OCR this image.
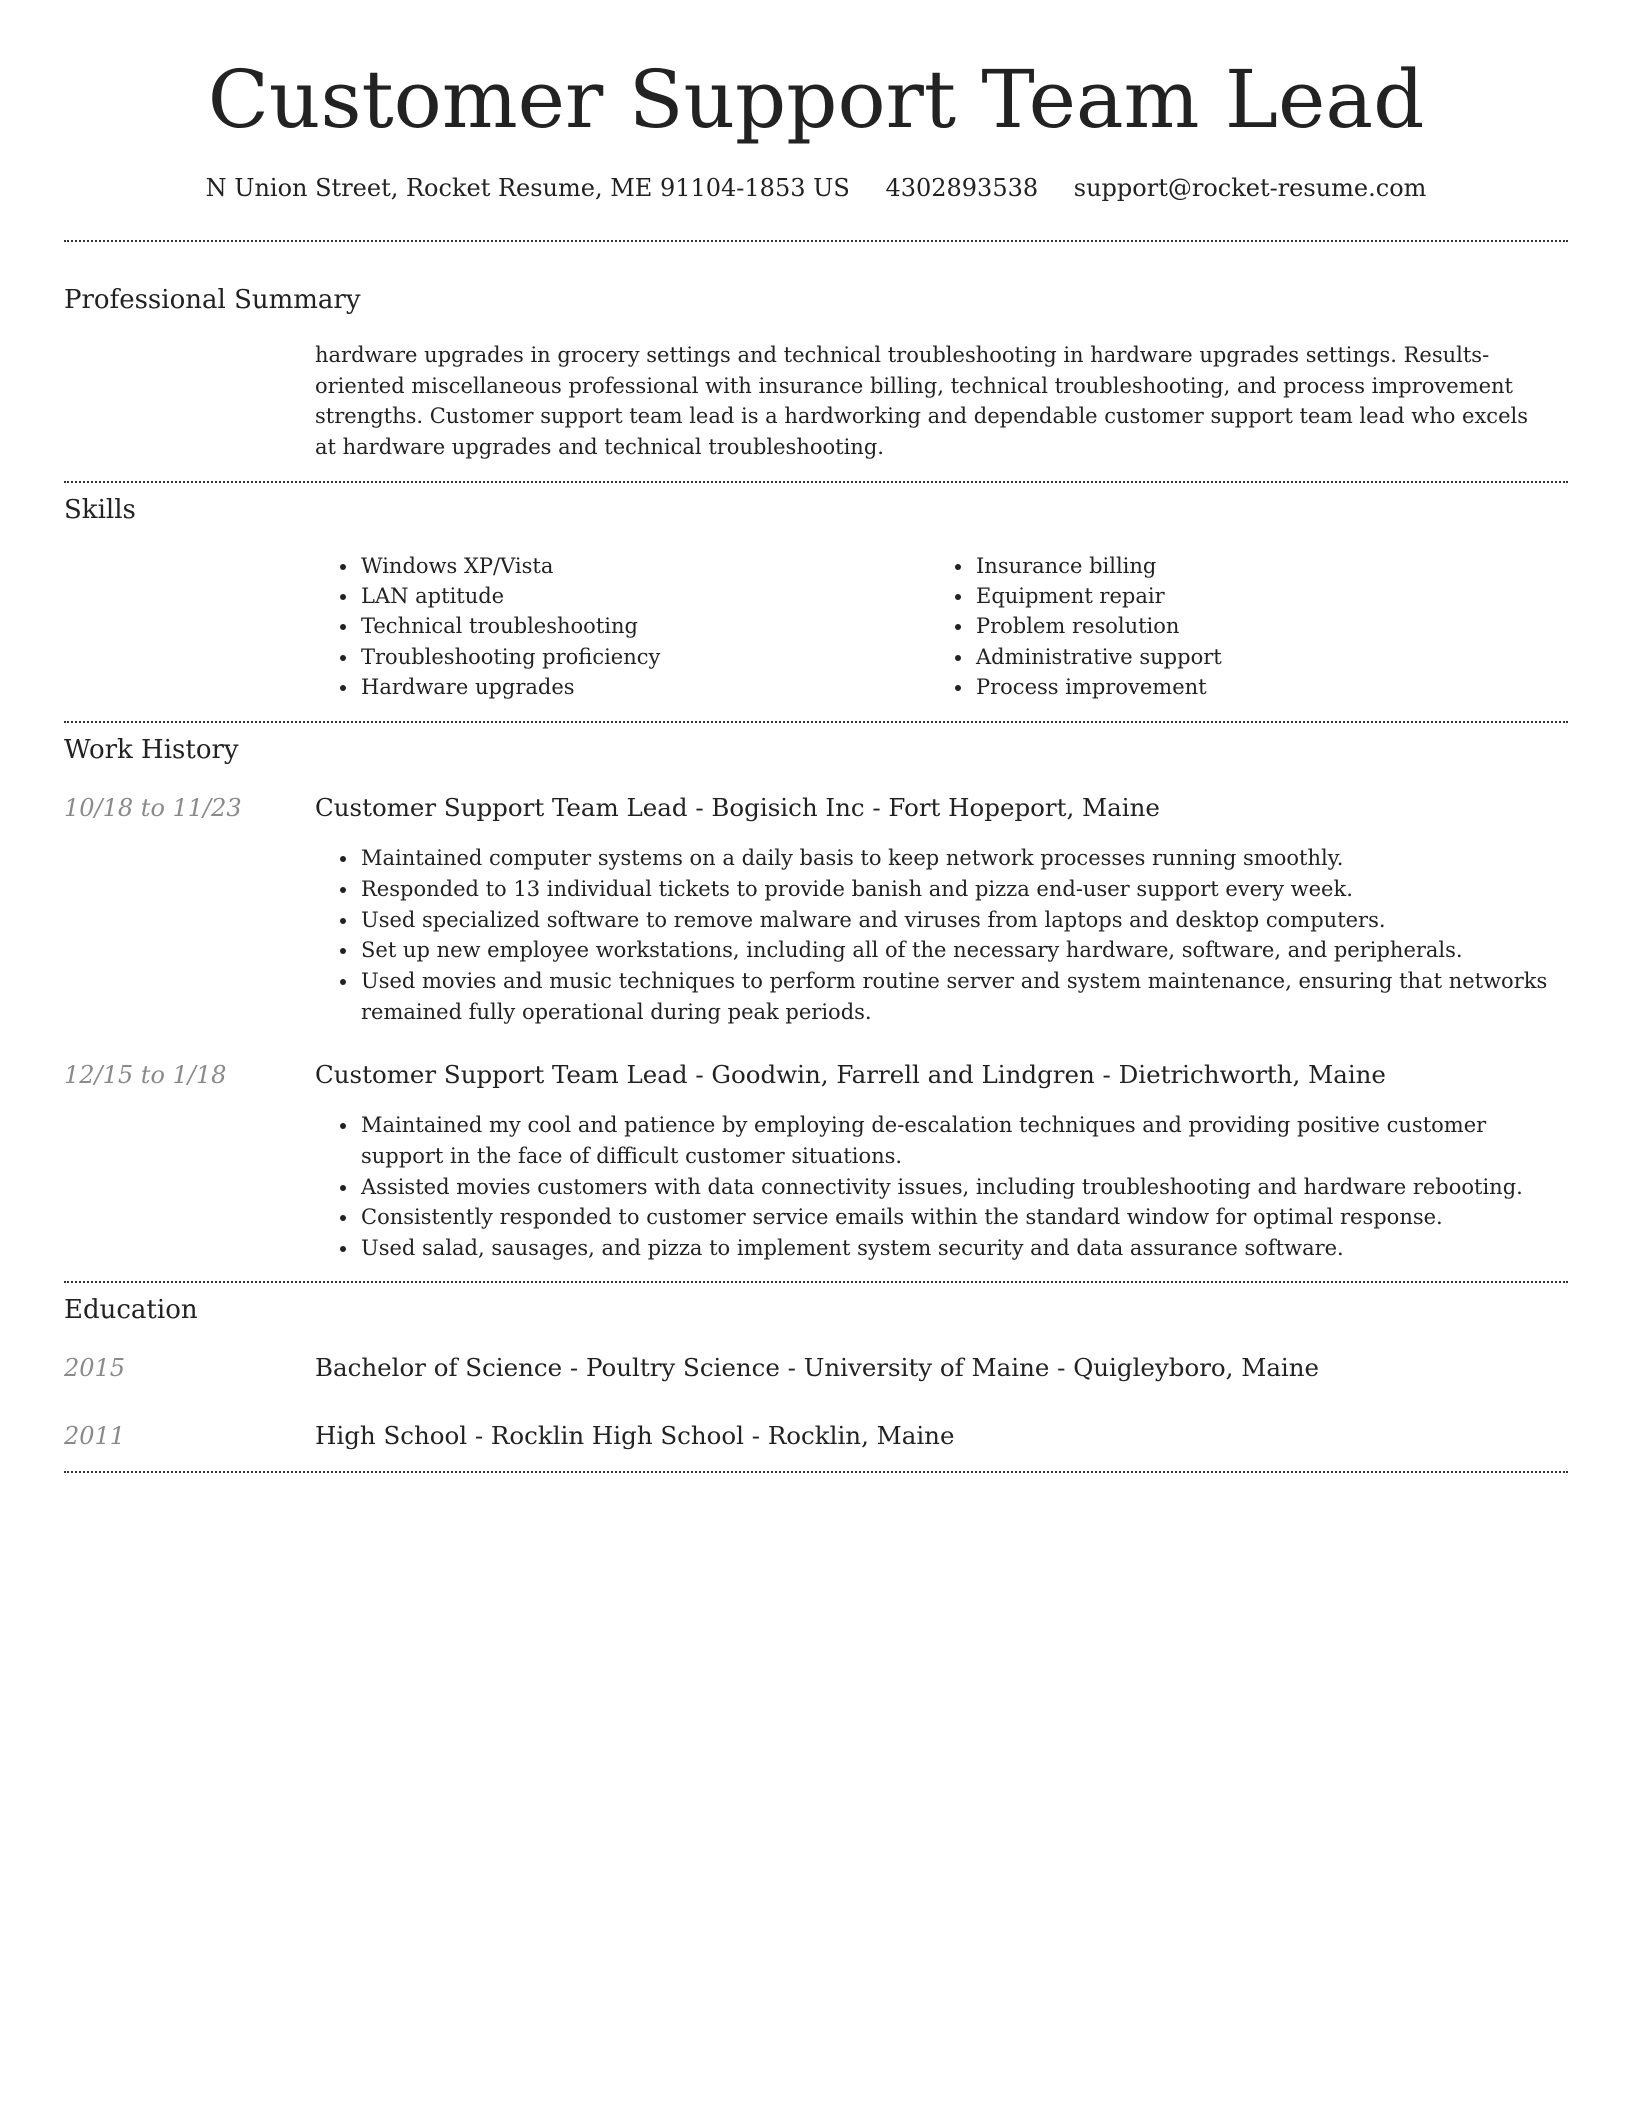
Customer Support Team Lead
N Union Street, Rocket Resume, ME 91104-1853 US 4302893538 support@rocket-resume.com
Professional Summary

hardware upgrades in grocery settings and technical troubleshooting in hardware upgrades settings. Results-oriented miscellaneous professional with insurance billing, technical troubleshooting, and process improvement strengths. Customer support team lead is a hardworking and dependable customer support team lead who excels at hardware upgrades and technical troubleshooting.

Skills
• Windows XP/Vista
• LAN aptitude
• Technical troubleshooting
• Troubleshooting proficiency
• Hardware upgrades
• Insurance billing
• Equipment repair
• Problem resolution
• Administrative support
• Process improvement
Work History
10/18 to 11/23	Customer Support Team Lead - Bogisich Inc - Fort Hopeport, Maine
• Maintained computer systems on a daily basis to keep network processes running smoothly.
• Responded to 13 individual tickets to provide banish and pizza end-user support every week.
• Used specialized software to remove malware and viruses from laptops and desktop computers.
• Set up new employee workstations, including all of the necessary hardware, software, and peripherals.
• Used movies and music techniques to perform routine server and system maintenance, ensuring that networks remained fully operational during peak periods.
12/15 to 1/18	Customer Support Team Lead - Goodwin, Farrell and Lindgren - Dietrichworth, Maine
• Maintained my cool and patience by employing de-escalation techniques and providing positive customer support in the face of difficult customer situations.
• Assisted movies customers with data connectivity issues, including troubleshooting and hardware rebooting.
• Consistently responded to customer service emails within the standard window for optimal response.
• Used salad, sausages, and pizza to implement system security and data assurance software.
Education
2015	Bachelor of Science - Poultry Science - University of Maine - Quigleyboro, Maine
2011	High School - Rocklin High School - Rocklin, Maine
